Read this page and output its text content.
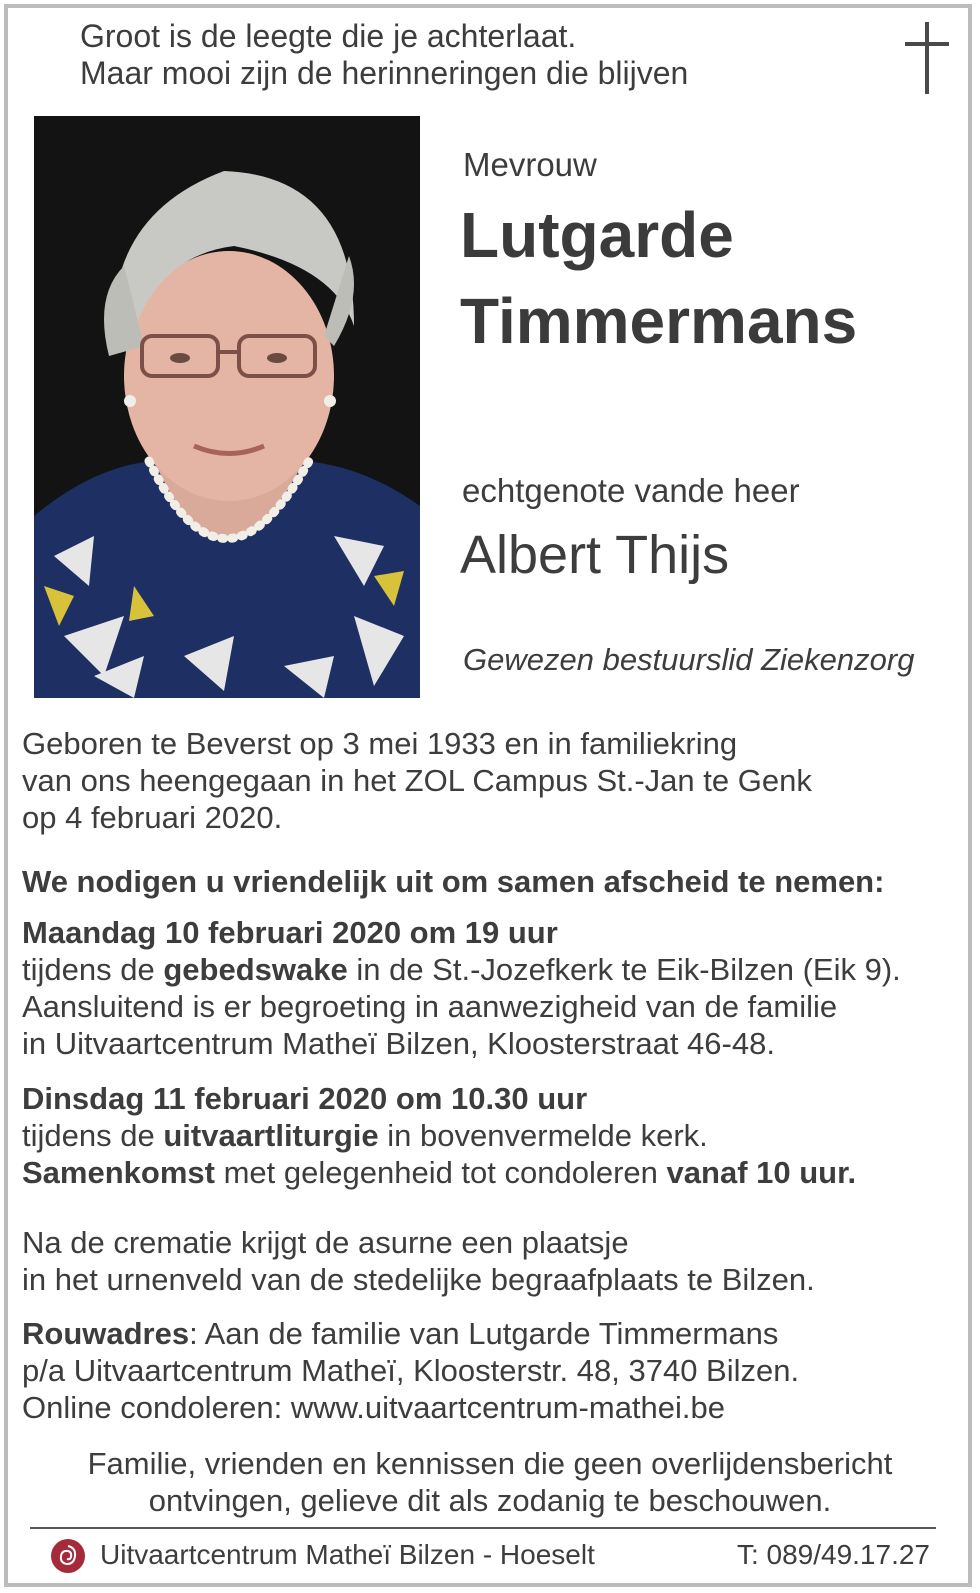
Groot is de leegte die je achterlaat.
Maar mooi zijn de herinneringen die blijven
Mevrouw
Lutgarde
Timmermans
echtgenote vande heer
Albert Thijs
Gewezen bestuurslid Ziekenzorg
Geboren te Beverst op 3 mei 1933 en in familiekring
van ons heengegaan in het ZOL Campus St.-Jan te Genk
op 4 februari 2020.
We nodigen u vriendelijk uit om samen afscheid te nemen:
Maandag 10 februari 2020 om 19 uur
tijdens de gebedswake in de St.-Jozefkerk te Eik-Bilzen (Eik 9).
Aansluitend is er begroeting in aanwezigheid van de familie
in Uitvaartcentrum Matheï Bilzen, Kloosterstraat 46-48.
Dinsdag 11 februari 2020 om 10.30 uur
tijdens de uitvaartliturgie in bovenvermelde kerk.
Samenkomst met gelegenheid tot condoleren vanaf 10 uur.
Na de crematie krijgt de asurne een plaatsje
in het urnenveld van de stedelijke begraafplaats te Bilzen.
Rouwadres: Aan de familie van Lutgarde Timmermans
p/a Uitvaartcentrum Matheï, Kloosterstr. 48, 3740 Bilzen.
Online condoleren: www.uitvaartcentrum-mathei.be
Familie, vrienden en kennissen die geen overlijdensbericht
ontvingen, gelieve dit als zodanig te beschouwen.
Uitvaartcentrum Matheï Bilzen - Hoeselt	T: 089/49.17.27
